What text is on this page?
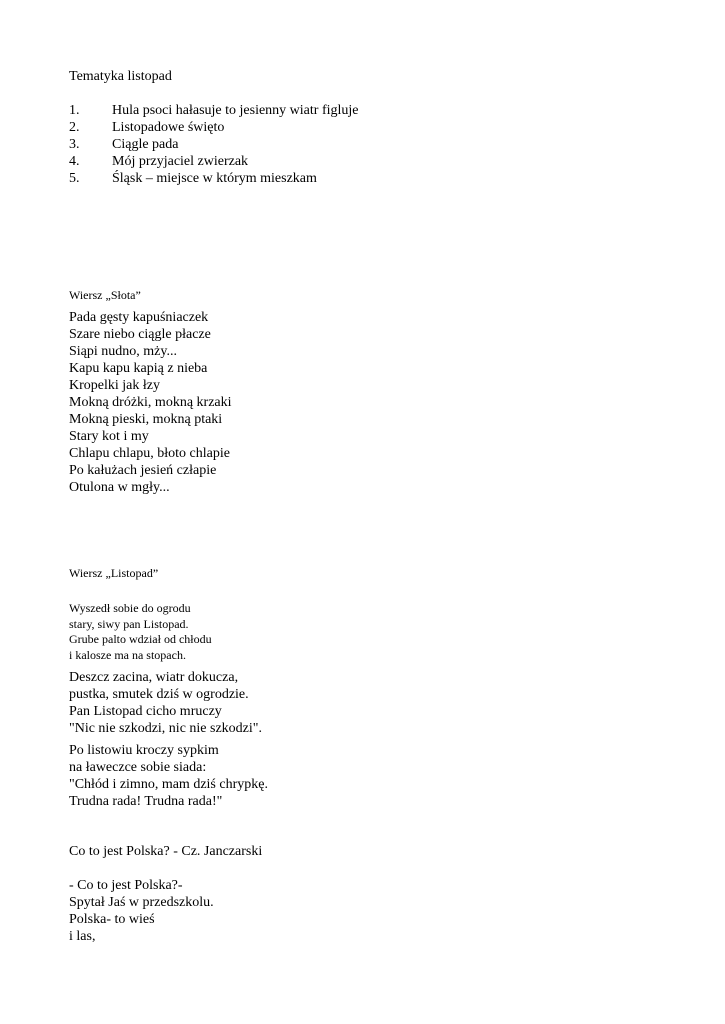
Tematyka listopad
1. Hula psoci hałasuje to jesienny wiatr figluje
2. Listopadowe święto
3. Ciągle pada
4. Mój przyjaciel zwierzak
5. Śląsk – miejsce w którym mieszkam
Wiersz „Słota”
Pada gęsty kapuśniaczek
Szare niebo ciągle płacze
Siąpi nudno, mży...
Kapu kapu kapią z nieba
Kropelki jak łzy
Mokną dróżki, mokną krzaki
Mokną pieski, mokną ptaki
Stary kot i my
Chlapu chlapu, błoto chlapie
Po kałużach jesień człapie
Otulona w mgły...
Wiersz „Listopad”
Wyszedł sobie do ogrodu
stary, siwy pan Listopad.
Grube palto wdział od chłodu
i kalosze ma na stopach.
Deszcz zacina, wiatr dokucza,
pustka, smutek dziś w ogrodzie.
Pan Listopad cicho mruczy
"Nic nie szkodzi, nic nie szkodzi".
Po listowiu kroczy sypkim
na ławeczce sobie siada:
"Chłód i zimno, mam dziś chrypkę.
Trudna rada! Trudna rada!"
Co to jest Polska? - Cz. Janczarski
- Co to jest Polska?-
Spytał Jaś w przedszkolu.
Polska- to wieś
i las,
